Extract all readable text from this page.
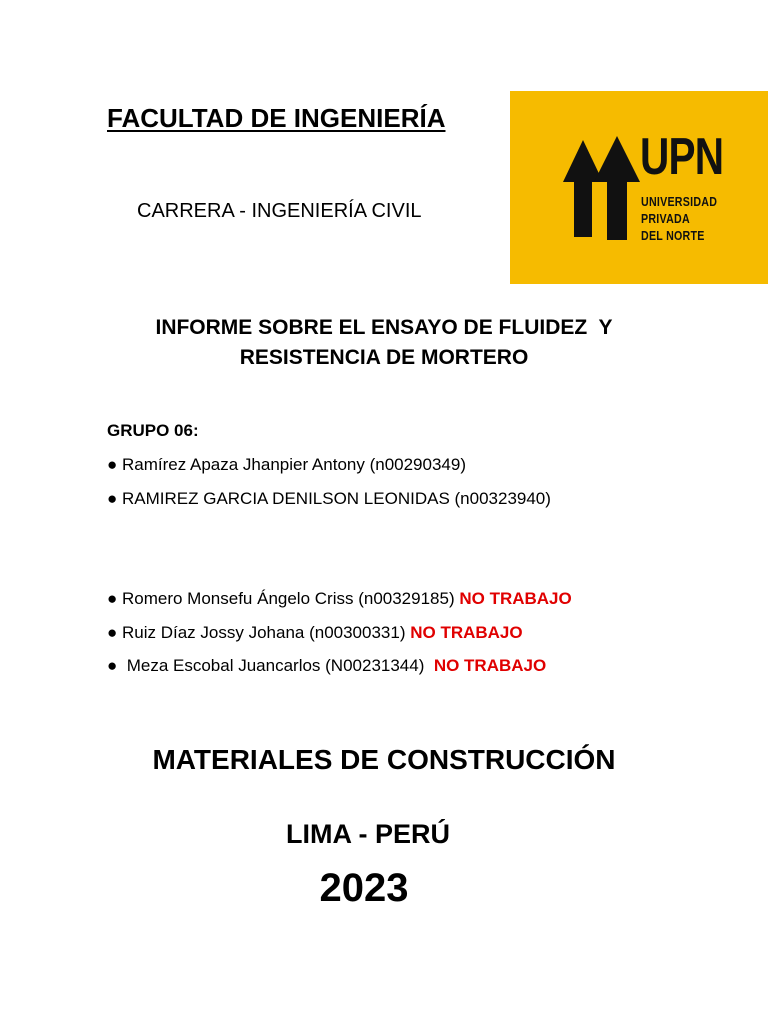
FACULTAD DE INGENIERÍA
CARRERA - INGENIERÍA CIVIL
UPN
UNIVERSIDAD
PRIVADA
DEL NORTE
INFORME SOBRE EL ENSAYO DE FLUIDEZ  Y
RESISTENCIA DE MORTERO
GRUPO 06:
● Ramírez Apaza Jhanpier Antony (n00290349)
● RAMIREZ GARCIA DENILSON LEONIDAS (n00323940)
● Romero Monsefu Ángelo Criss (n00329185) NO TRABAJO
● Ruiz Díaz Jossy Johana (n00300331) NO TRABAJO
●  Meza Escobal Juancarlos (N00231344)  NO TRABAJO
MATERIALES DE CONSTRUCCIÓN
LIMA - PERÚ
2023
